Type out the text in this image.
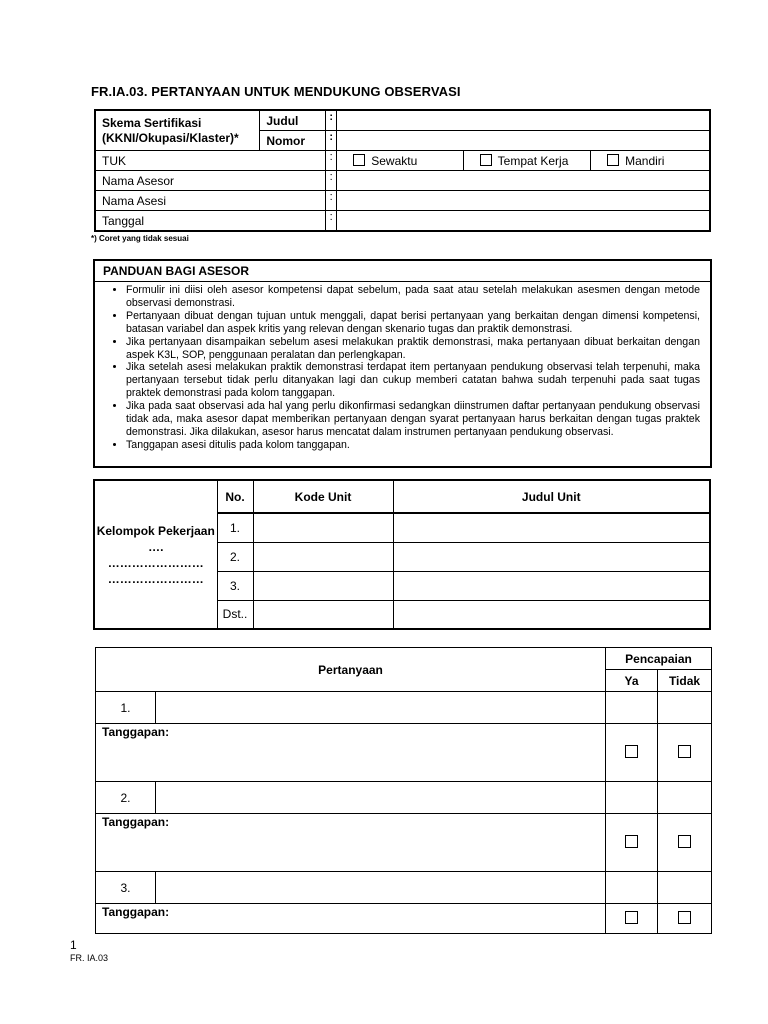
FR.IA.03. PERTANYAAN UNTUK MENDUKUNG OBSERVASI
Skema Sertifikasi
(KKNI/Okupasi/Klaster)*	Judul	:			
	Nomor	:			
TUK		:	Sewaktu	Tempat Kerja	Mandiri
Nama Asesor		:			
Nama Asesi		:			
Tanggal		:			
*) Coret yang tidak sesuai
PANDUAN BAGI ASESOR
• Formulir ini diisi oleh asesor kompetensi dapat sebelum, pada saat atau setelah melakukan asesmen dengan metode observasi demonstrasi.
• Pertanyaan dibuat dengan tujuan untuk menggali, dapat berisi pertanyaan yang berkaitan dengan dimensi kompetensi, batasan variabel dan aspek kritis yang relevan dengan skenario tugas dan praktik demonstrasi.
• Jika pertanyaan disampaikan sebelum asesi melakukan praktik demonstrasi, maka pertanyaan dibuat berkaitan dengan aspek K3L, SOP, penggunaan peralatan dan perlengkapan.
• Jika setelah asesi melakukan praktik demonstrasi terdapat item pertanyaan pendukung observasi telah terpenuhi, maka pertanyaan tersebut tidak perlu ditanyakan lagi dan cukup memberi catatan bahwa sudah terpenuhi pada saat tugas praktek demonstrasi pada kolom tanggapan.
• Jika pada saat observasi ada hal yang perlu dikonfirmasi sedangkan diinstrumen daftar pertanyaan pendukung observasi tidak ada, maka asesor dapat memberikan pertanyaan dengan syarat pertanyaan harus berkaitan dengan tugas praktek demonstrasi. Jika dilakukan, asesor harus mencatat dalam instrumen pertanyaan pendukung observasi.
• Tanggapan asesi ditulis pada kolom tanggapan.
Kelompok Pekerjaan
….
……………………
……………………	No.	Kode Unit	Judul Unit
	1.		
	2.		
	3.		
	Dst..		
Pertanyaan		Pencapaian	
		Ya	Tidak
1.			
Tanggapan:			
2.			
Tanggapan:			
3.			
Tanggapan:			
1
FR. IA.03
